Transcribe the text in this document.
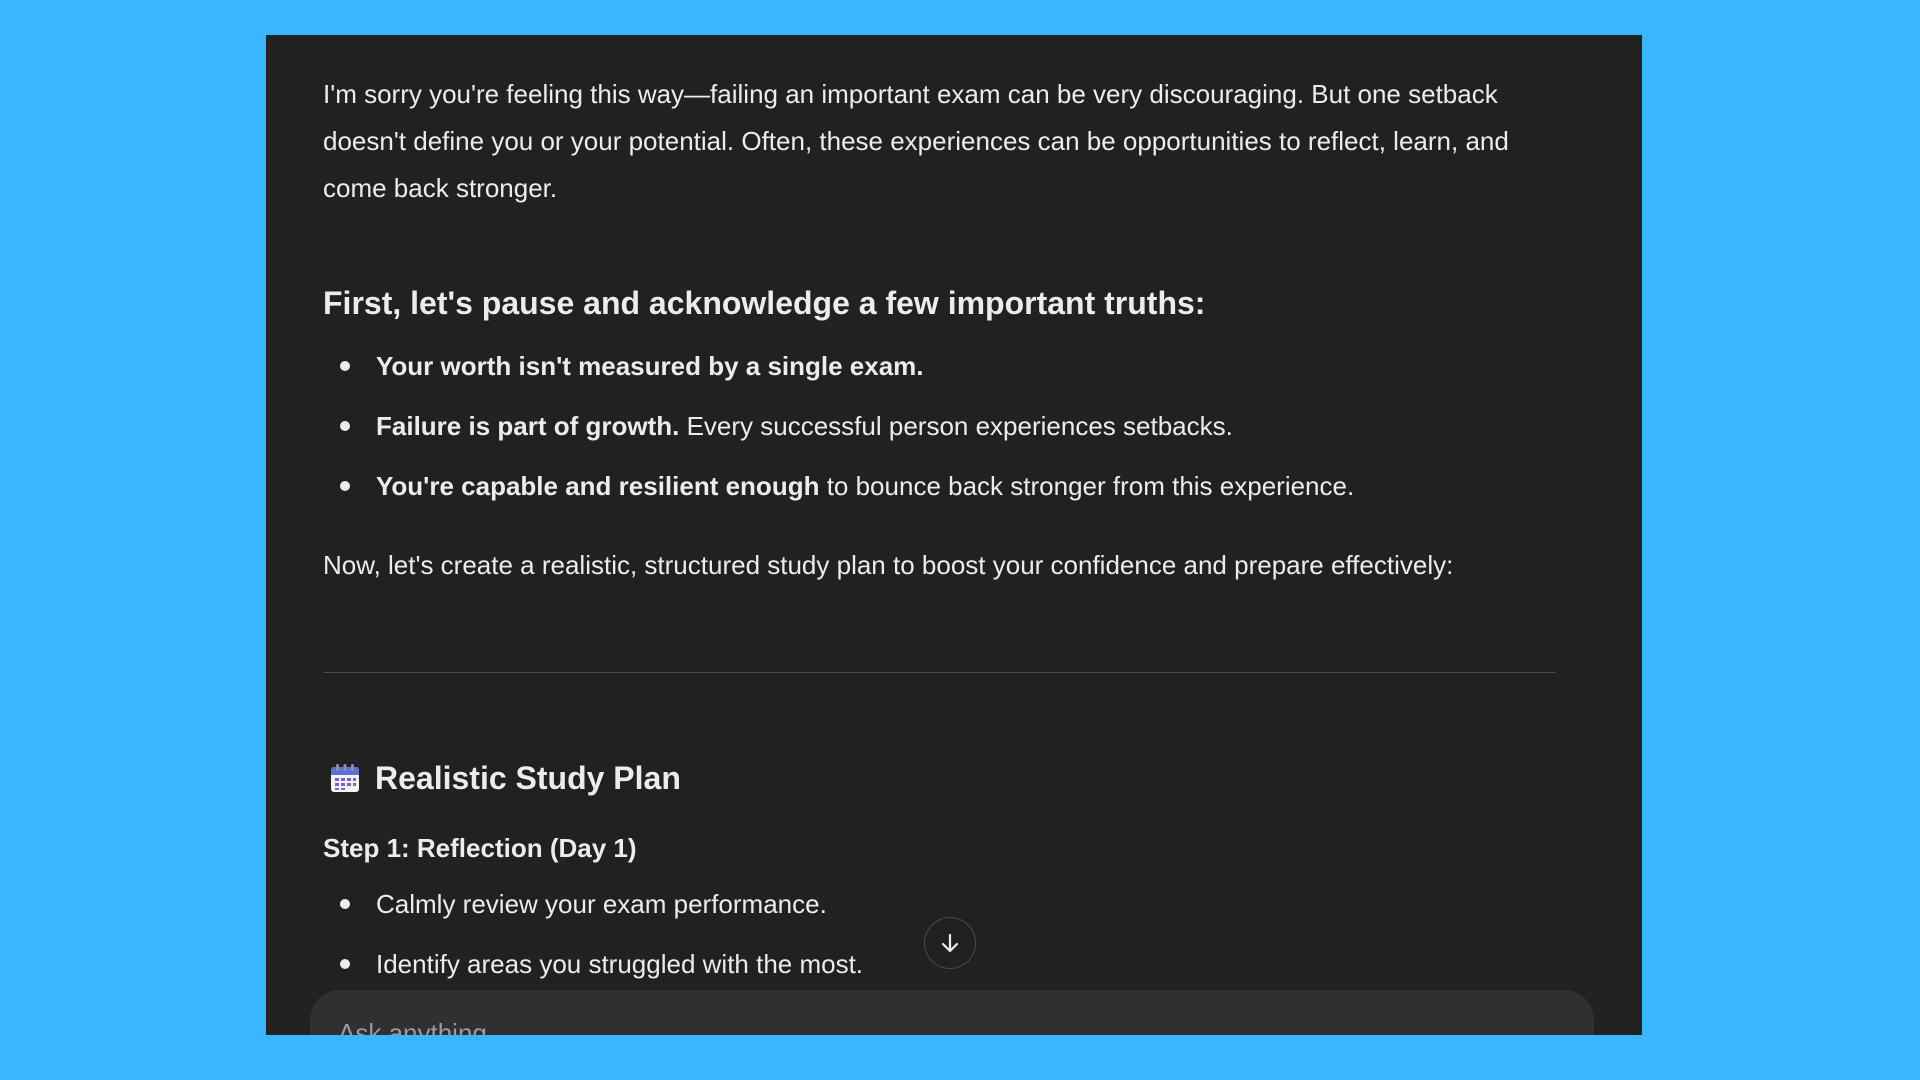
I'm sorry you're feeling this way—failing an important exam can be very discouraging. But one setback
doesn't define you or your potential. Often, these experiences can be opportunities to reflect, learn, and
come back stronger.

First, let's pause and acknowledge a few important truths:
Your worth isn't measured by a single exam.
Failure is part of growth. Every successful person experiences setbacks.
You're capable and resilient enough to bounce back stronger from this experience.

Now, let's create a realistic, structured study plan to boost your confidence and prepare effectively:

Realistic Study Plan

Step 1: Reflection (Day 1)

Calmly review your exam performance.
Identify areas you struggled with the most.
Ask anything
